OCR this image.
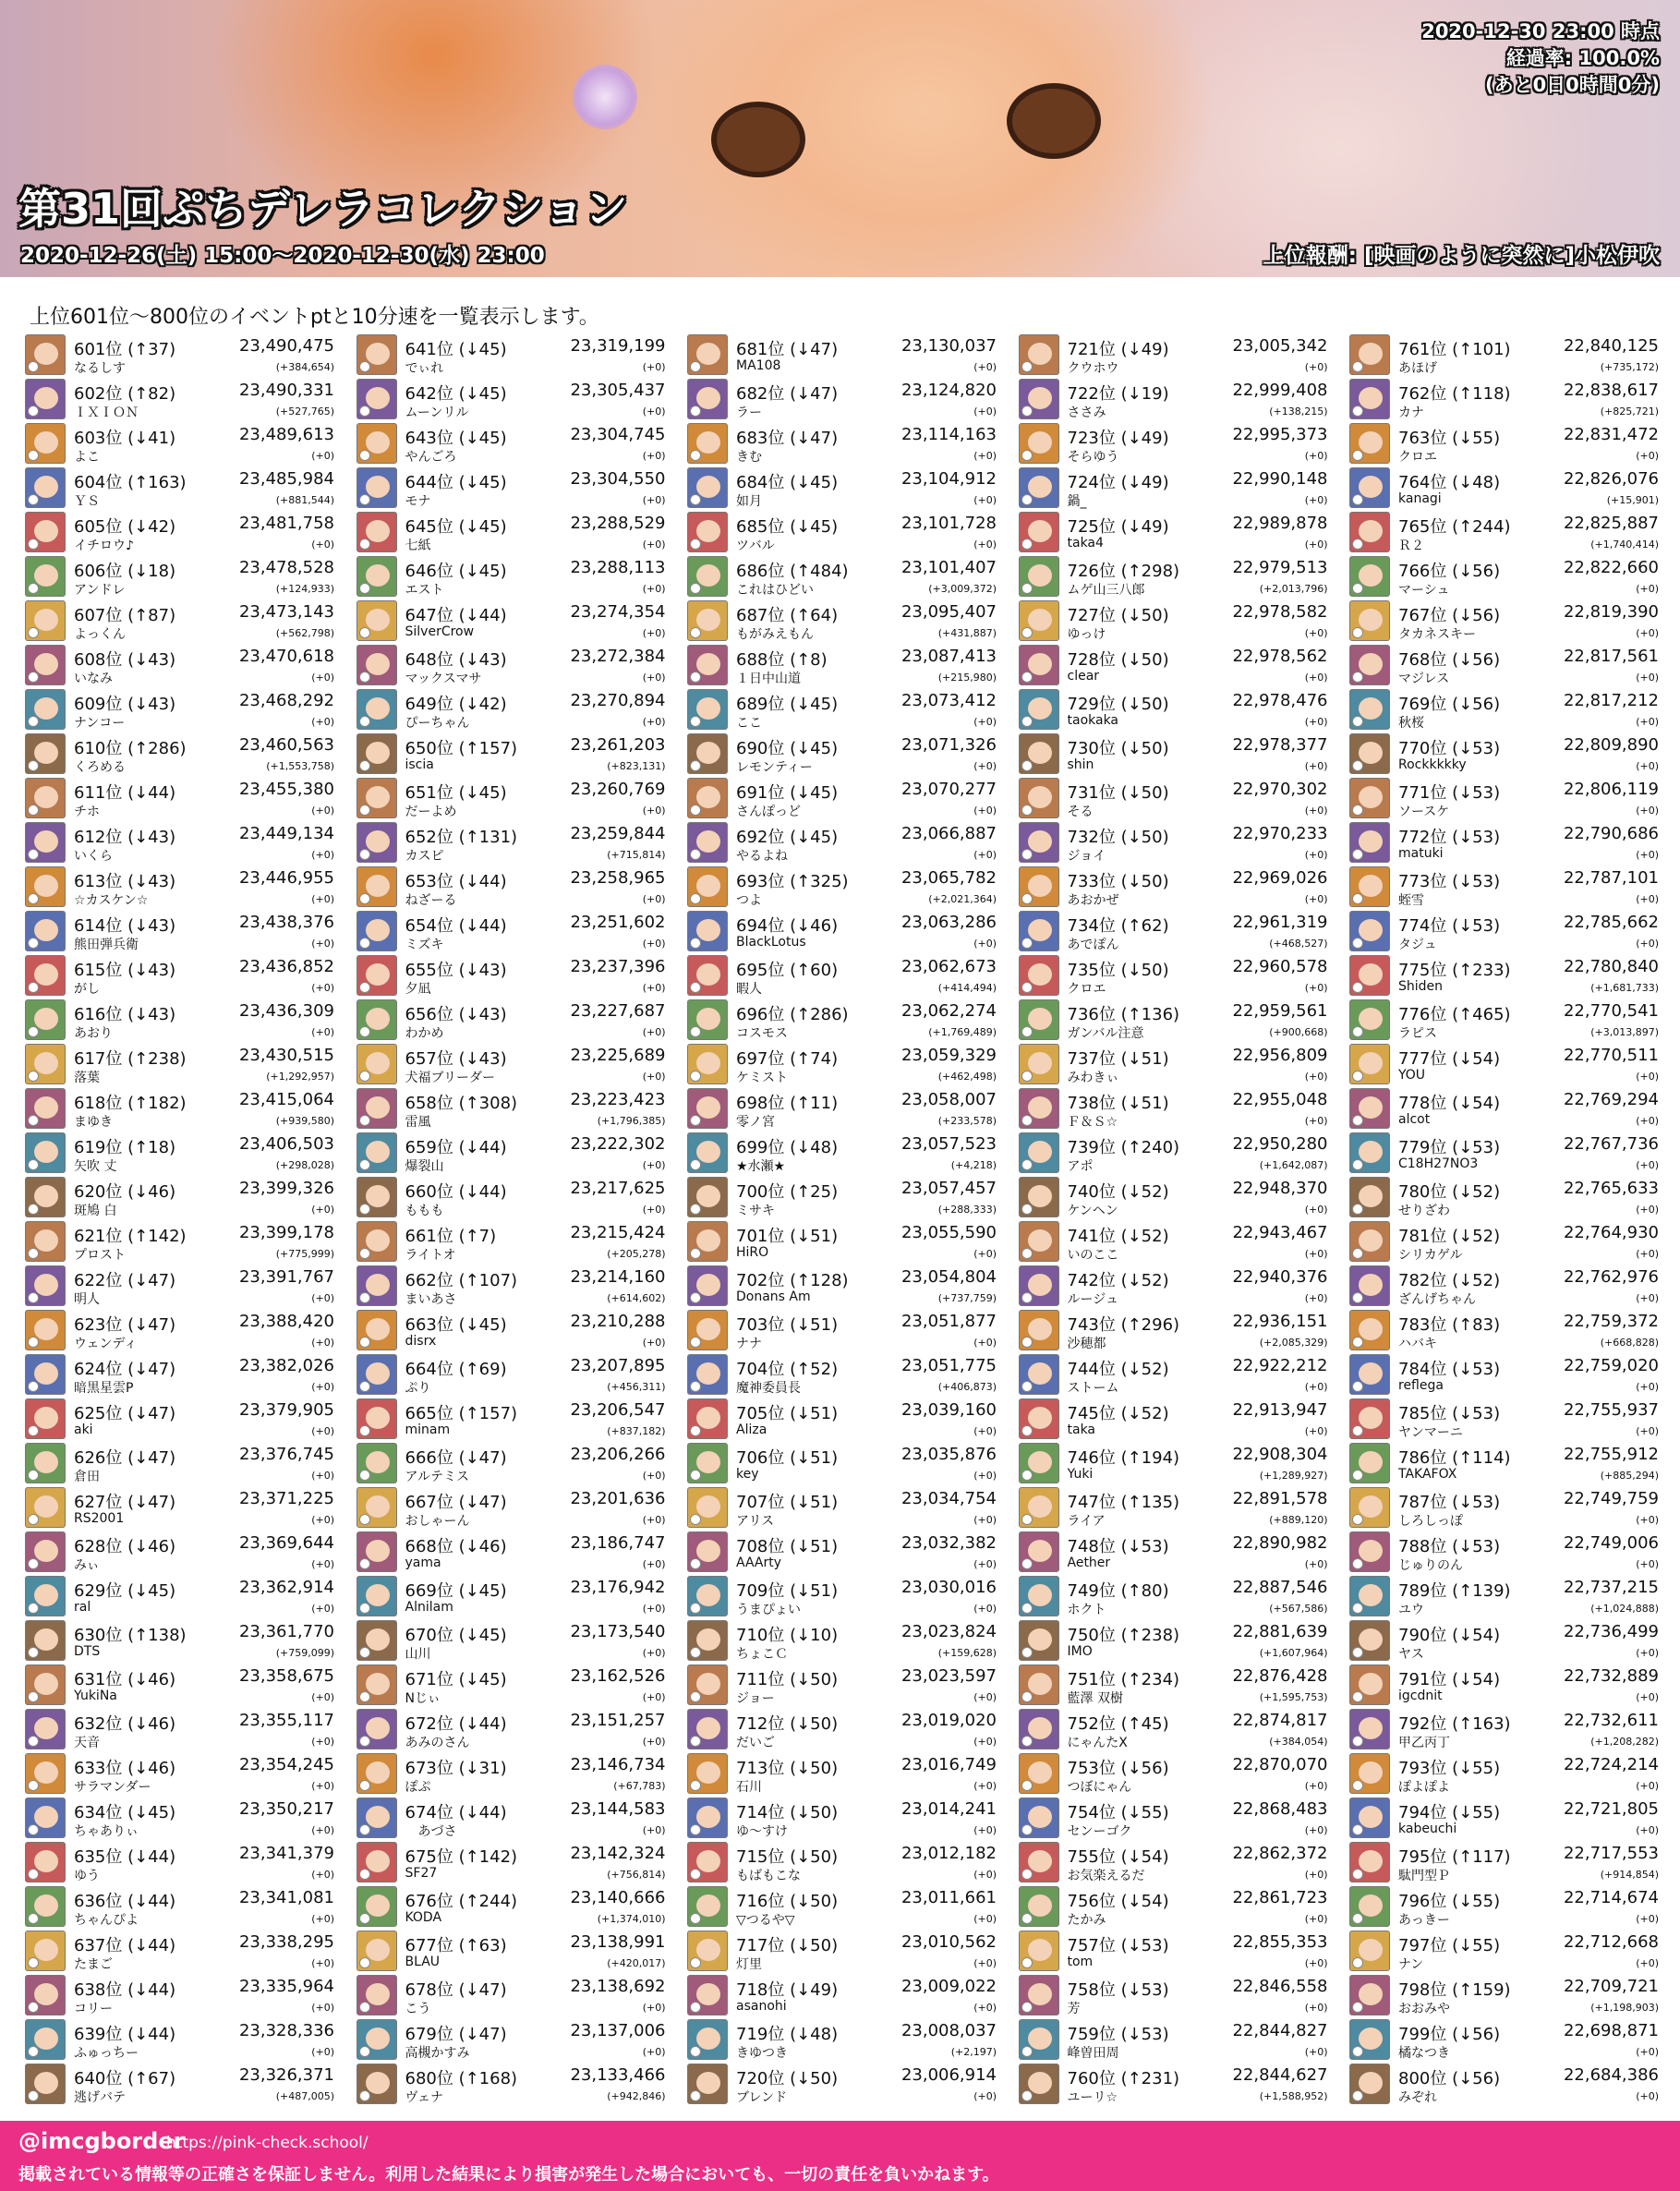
2020-12-30 23:00 時点
経過率: 100.0%
(あと0日0時間0分)
第31回ぷちデレラコレクション
2020-12-26(土) 15:00〜2020-12-30(水) 23:00	上位報酬: [映画のように突然に]小松伊吹
上位601位〜800位のイベントptと10分速を一覧表示します。
601位 (↑37)	23,490,475
なるしす	(+384,654)
602位 (↑82)	23,490,331
ＩＸＩＯＮ	(+527,765)
603位 (↓41)	23,489,613
よこ	(+0)
604位 (↑163)	23,485,984
ＹＳ	(+881,544)
605位 (↓42)	23,481,758
イチロウ♪	(+0)
606位 (↓18)	23,478,528
アンドレ	(+124,933)
607位 (↑87)	23,473,143
よっくん	(+562,798)
608位 (↓43)	23,470,618
いなみ	(+0)
609位 (↓43)	23,468,292
ナンコー	(+0)
610位 (↑286)	23,460,563
くろめる	(+1,553,758)
611位 (↓44)	23,455,380
チホ	(+0)
612位 (↓43)	23,449,134
いくら	(+0)
613位 (↓43)	23,446,955
☆カスケン☆	(+0)
614位 (↓43)	23,438,376
熊田弾兵衛	(+0)
615位 (↓43)	23,436,852
がし	(+0)
616位 (↓43)	23,436,309
あおり	(+0)
617位 (↑238)	23,430,515
落葉	(+1,292,957)
618位 (↑182)	23,415,064
まゆき	(+939,580)
619位 (↑18)	23,406,503
矢吹 丈	(+298,028)
620位 (↓46)	23,399,326
斑鳩 白	(+0)
621位 (↑142)	23,399,178
プロスト	(+775,999)
622位 (↓47)	23,391,767
明人	(+0)
623位 (↓47)	23,388,420
ウェンディ	(+0)
624位 (↓47)	23,382,026
暗黒星雲P	(+0)
625位 (↓47)	23,379,905
aki	(+0)
626位 (↓47)	23,376,745
倉田	(+0)
627位 (↓47)	23,371,225
RS2001	(+0)
628位 (↓46)	23,369,644
みぃ	(+0)
629位 (↓45)	23,362,914
ral	(+0)
630位 (↑138)	23,361,770
DTS	(+759,099)
631位 (↓46)	23,358,675
YukiNa	(+0)
632位 (↓46)	23,355,117
天音	(+0)
633位 (↓46)	23,354,245
サラマンダー	(+0)
634位 (↓45)	23,350,217
ちゃありぃ	(+0)
635位 (↓44)	23,341,379
ゆう	(+0)
636位 (↓44)	23,341,081
ちゃんぴよ	(+0)
637位 (↓44)	23,338,295
たまご	(+0)
638位 (↓44)	23,335,964
コリー	(+0)
639位 (↓44)	23,328,336
ふゅっちー	(+0)
640位 (↑67)	23,326,371
逃げバテ	(+487,005)
641位 (↓45)	23,319,199
でぃれ	(+0)
642位 (↓45)	23,305,437
ムーンリル	(+0)
643位 (↓45)	23,304,745
やんごろ	(+0)
644位 (↓45)	23,304,550
モナ	(+0)
645位 (↓45)	23,288,529
七紙	(+0)
646位 (↓45)	23,288,113
エスト	(+0)
647位 (↓44)	23,274,354
SilverCrow	(+0)
648位 (↓43)	23,272,384
マックスマサ	(+0)
649位 (↓42)	23,270,894
ぴーちゃん	(+0)
650位 (↑157)	23,261,203
iscia	(+823,131)
651位 (↓45)	23,260,769
だーよめ	(+0)
652位 (↑131)	23,259,844
カスピ	(+715,814)
653位 (↓44)	23,258,965
ねざーる	(+0)
654位 (↓44)	23,251,602
ミズキ	(+0)
655位 (↓43)	23,237,396
夕凪	(+0)
656位 (↓43)	23,227,687
わかめ	(+0)
657位 (↓43)	23,225,689
犬福ブリーダー	(+0)
658位 (↑308)	23,223,423
雷風	(+1,796,385)
659位 (↓44)	23,222,302
爆裂山	(+0)
660位 (↓44)	23,217,625
ももも	(+0)
661位 (↑7)	23,215,424
ライトオ	(+205,278)
662位 (↑107)	23,214,160
まいあさ	(+614,602)
663位 (↓45)	23,210,288
disrx	(+0)
664位 (↑69)	23,207,895
ぷり	(+456,311)
665位 (↑157)	23,206,547
minam	(+837,182)
666位 (↓47)	23,206,266
アルテミス	(+0)
667位 (↓47)	23,201,636
おしゃーん	(+0)
668位 (↓46)	23,186,747
yama	(+0)
669位 (↓45)	23,176,942
Alnilam	(+0)
670位 (↓45)	23,173,540
山川	(+0)
671位 (↓45)	23,162,526
Nじぃ	(+0)
672位 (↓44)	23,151,257
あみのさん	(+0)
673位 (↓31)	23,146,734
ぽぷ	(+67,783)
674位 (↓44)	23,144,583
　あづさ	(+0)
675位 (↑142)	23,142,324
SF27	(+756,814)
676位 (↑244)	23,140,666
KODA	(+1,374,010)
677位 (↑63)	23,138,991
BLAU	(+420,017)
678位 (↓47)	23,138,692
こう	(+0)
679位 (↓47)	23,137,006
高槻かすみ	(+0)
680位 (↑168)	23,133,466
ヴェナ	(+942,846)
681位 (↓47)	23,130,037
MA108	(+0)
682位 (↓47)	23,124,820
ラー	(+0)
683位 (↓47)	23,114,163
きむ	(+0)
684位 (↓45)	23,104,912
如月	(+0)
685位 (↓45)	23,101,728
ツバル	(+0)
686位 (↑484)	23,101,407
これはひどい	(+3,009,372)
687位 (↑64)	23,095,407
もがみえもん	(+431,887)
688位 (↑8)	23,087,413
１日中山道	(+215,980)
689位 (↓45)	23,073,412
ここ	(+0)
690位 (↓45)	23,071,326
レモンティー	(+0)
691位 (↓45)	23,070,277
さんぽっど	(+0)
692位 (↓45)	23,066,887
やるよね	(+0)
693位 (↑325)	23,065,782
つよ	(+2,021,364)
694位 (↓46)	23,063,286
BlackLotus	(+0)
695位 (↑60)	23,062,673
暇人	(+414,494)
696位 (↑286)	23,062,274
コスモス	(+1,769,489)
697位 (↑74)	23,059,329
ケミスト	(+462,498)
698位 (↑11)	23,058,007
零ノ宮	(+233,578)
699位 (↓48)	23,057,523
★水瀬★	(+4,218)
700位 (↑25)	23,057,457
ミサキ	(+288,333)
701位 (↓51)	23,055,590
HiRO	(+0)
702位 (↑128)	23,054,804
Donans Am	(+737,759)
703位 (↓51)	23,051,877
ナナ	(+0)
704位 (↑52)	23,051,775
魔神委員長	(+406,873)
705位 (↓51)	23,039,160
Aliza	(+0)
706位 (↓51)	23,035,876
key	(+0)
707位 (↓51)	23,034,754
アリス	(+0)
708位 (↓51)	23,032,382
AAArty	(+0)
709位 (↓51)	23,030,016
うまぴょい	(+0)
710位 (↓10)	23,023,824
ちょこＣ	(+159,628)
711位 (↓50)	23,023,597
ジョー	(+0)
712位 (↓50)	23,019,020
だいご	(+0)
713位 (↓50)	23,016,749
石川	(+0)
714位 (↓50)	23,014,241
ゆ〜すけ	(+0)
715位 (↓50)	23,012,182
もばもこな	(+0)
716位 (↓50)	23,011,661
▽つるや▽	(+0)
717位 (↓50)	23,010,562
灯里	(+0)
718位 (↓49)	23,009,022
asanohi	(+0)
719位 (↓48)	23,008,037
きゆつき	(+2,197)
720位 (↓50)	23,006,914
ブレンド	(+0)
721位 (↓49)	23,005,342
クウホウ	(+0)
722位 (↓19)	22,999,408
ささみ	(+138,215)
723位 (↓49)	22,995,373
そらゆう	(+0)
724位 (↓49)	22,990,148
鍋_	(+0)
725位 (↓49)	22,989,878
taka4	(+0)
726位 (↑298)	22,979,513
ムゲ山三八郎	(+2,013,796)
727位 (↓50)	22,978,582
ゆっけ	(+0)
728位 (↓50)	22,978,562
clear	(+0)
729位 (↓50)	22,978,476
taokaka	(+0)
730位 (↓50)	22,978,377
shin	(+0)
731位 (↓50)	22,970,302
そる	(+0)
732位 (↓50)	22,970,233
ジョイ	(+0)
733位 (↓50)	22,969,026
あおかぜ	(+0)
734位 (↑62)	22,961,319
あでぽん	(+468,527)
735位 (↓50)	22,960,578
クロエ	(+0)
736位 (↑136)	22,959,561
ガンバル注意	(+900,668)
737位 (↓51)	22,956,809
みわきぃ	(+0)
738位 (↓51)	22,955,048
Ｆ＆Ｓ☆	(+0)
739位 (↑240)	22,950,280
アポ	(+1,642,087)
740位 (↓52)	22,948,370
ケンヘン	(+0)
741位 (↓52)	22,943,467
いのここ	(+0)
742位 (↓52)	22,940,376
ルージュ	(+0)
743位 (↑296)	22,936,151
沙穂都	(+2,085,329)
744位 (↓52)	22,922,212
ストーム	(+0)
745位 (↓52)	22,913,947
taka	(+0)
746位 (↑194)	22,908,304
Yuki	(+1,289,927)
747位 (↑135)	22,891,578
ライア	(+889,120)
748位 (↓53)	22,890,982
Aether	(+0)
749位 (↑80)	22,887,546
ホクト	(+567,586)
750位 (↑238)	22,881,639
IMO	(+1,607,964)
751位 (↑234)	22,876,428
藍澤 双樹	(+1,595,753)
752位 (↑45)	22,874,817
にゃんたX	(+384,054)
753位 (↓56)	22,870,070
つぼにゃん	(+0)
754位 (↓55)	22,868,483
センーゴク	(+0)
755位 (↓54)	22,862,372
お気楽えるだ	(+0)
756位 (↓54)	22,861,723
たかみ	(+0)
757位 (↓53)	22,855,353
tom	(+0)
758位 (↓53)	22,846,558
芳	(+0)
759位 (↓53)	22,844,827
峰曽田周	(+0)
760位 (↑231)	22,844,627
ユーリ☆	(+1,588,952)
761位 (↑101)	22,840,125
あほげ	(+735,172)
762位 (↑118)	22,838,617
カナ	(+825,721)
763位 (↓55)	22,831,472
クロエ	(+0)
764位 (↓48)	22,826,076
kanagi	(+15,901)
765位 (↑244)	22,825,887
Ｒ２	(+1,740,414)
766位 (↓56)	22,822,660
マーシュ	(+0)
767位 (↓56)	22,819,390
タカネスキー	(+0)
768位 (↓56)	22,817,561
マジレス	(+0)
769位 (↓56)	22,817,212
秋桜	(+0)
770位 (↓53)	22,809,890
Rockkkkky	(+0)
771位 (↓53)	22,806,119
ソースケ	(+0)
772位 (↓53)	22,790,686
matuki	(+0)
773位 (↓53)	22,787,101
蛭雪	(+0)
774位 (↓53)	22,785,662
タジュ	(+0)
775位 (↑233)	22,780,840
Shiden	(+1,681,733)
776位 (↑465)	22,770,541
ラピス	(+3,013,897)
777位 (↓54)	22,770,511
YOU	(+0)
778位 (↓54)	22,769,294
alcot	(+0)
779位 (↓53)	22,767,736
C18H27NO3	(+0)
780位 (↓52)	22,765,633
せりざわ	(+0)
781位 (↓52)	22,764,930
シリカゲル	(+0)
782位 (↓52)	22,762,976
ざんげちゃん	(+0)
783位 (↑83)	22,759,372
ハバキ	(+668,828)
784位 (↓53)	22,759,020
reflega	(+0)
785位 (↓53)	22,755,937
ヤンマーニ	(+0)
786位 (↑114)	22,755,912
TAKAFOX	(+885,294)
787位 (↓53)	22,749,759
しろしっぽ	(+0)
788位 (↓53)	22,749,006
じゅりのん	(+0)
789位 (↑139)	22,737,215
ユウ	(+1,024,888)
790位 (↓54)	22,736,499
ヤス	(+0)
791位 (↓54)	22,732,889
igcdnit	(+0)
792位 (↑163)	22,732,611
甲乙丙丁	(+1,208,282)
793位 (↓55)	22,724,214
ぽよぽよ	(+0)
794位 (↓55)	22,721,805
kabeuchi	(+0)
795位 (↑117)	22,717,553
駄門型Ｐ	(+914,854)
796位 (↓55)	22,714,674
あっきー	(+0)
797位 (↓55)	22,712,668
ナン	(+0)
798位 (↑159)	22,709,721
おおみや	(+1,198,903)
799位 (↓56)	22,698,871
橘なつき	(+0)
800位 (↓56)	22,684,386
みぞれ	(+0)
@imcgborder
https://pink-check.school/
掲載されている情報等の正確さを保証しません。利用した結果により損害が発生した場合においても、一切の責任を負いかねます。
